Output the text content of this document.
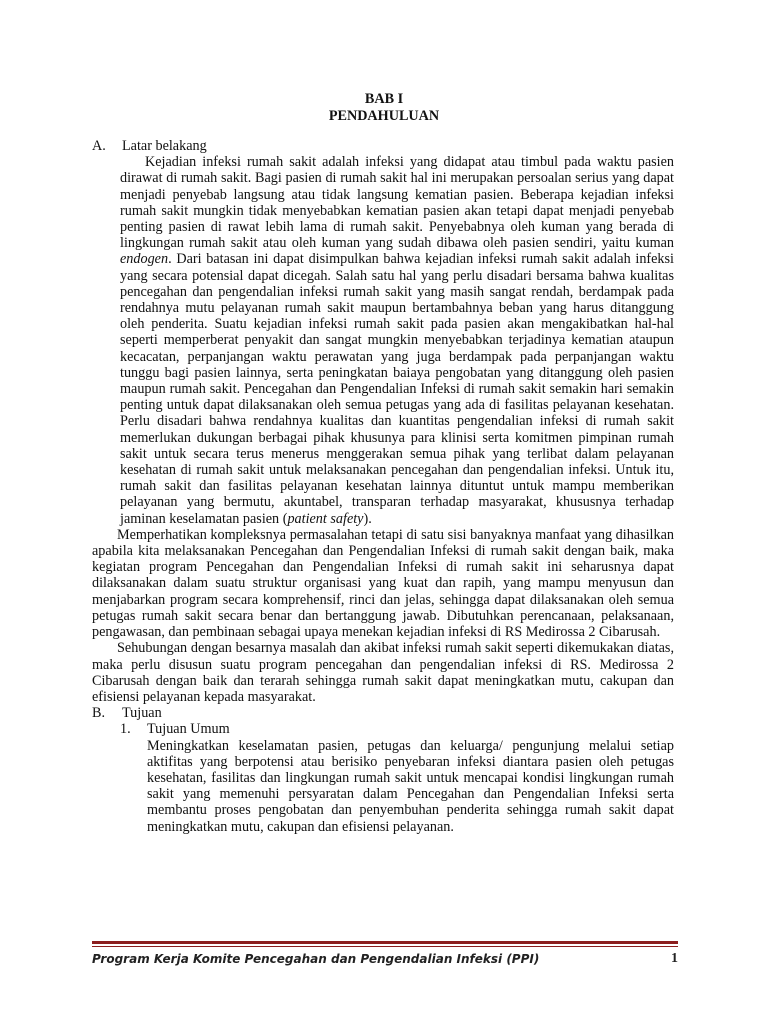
BAB I
PENDAHULUAN
A.	Latar belakang

Kejadian infeksi rumah sakit adalah infeksi yang didapat atau timbul pada waktu pasien dirawat di rumah sakit. Bagi pasien di rumah sakit hal ini merupakan persoalan serius yang dapat menjadi penyebab langsung atau tidak langsung kematian pasien. Beberapa kejadian infeksi rumah sakit mungkin tidak menyebabkan kematian pasien akan tetapi dapat menjadi penyebab penting pasien di rawat lebih lama di rumah sakit. Penyebabnya oleh kuman yang berada di lingkungan rumah sakit atau oleh kuman yang sudah dibawa oleh pasien sendiri, yaitu kuman endogen. Dari batasan ini dapat disimpulkan bahwa kejadian infeksi rumah sakit adalah infeksi yang secara potensial dapat dicegah. Salah satu hal yang perlu disadari bersama bahwa kualitas pencegahan dan pengendalian infeksi rumah sakit yang masih sangat rendah, berdampak pada rendahnya mutu pelayanan rumah sakit maupun bertambahnya beban yang harus ditanggung oleh penderita. Suatu kejadian infeksi rumah sakit pada pasien akan mengakibatkan hal-hal seperti memperberat penyakit dan sangat mungkin menyebabkan terjadinya kematian ataupun kecacatan, perpanjangan waktu perawatan yang juga berdampak pada perpanjangan waktu tunggu bagi pasien lainnya, serta peningkatan baiaya pengobatan yang ditanggung oleh pasien maupun rumah sakit. Pencegahan dan Pengendalian Infeksi di rumah sakit semakin hari semakin penting untuk dapat dilaksanakan oleh semua petugas yang ada di fasilitas pelayanan kesehatan. Perlu disadari bahwa rendahnya kualitas dan kuantitas pengendalian infeksi di rumah sakit memerlukan dukungan berbagai pihak khusunya para klinisi serta komitmen pimpinan rumah sakit untuk secara terus menerus menggerakan semua pihak yang terlibat dalam pelayanan kesehatan di rumah sakit untuk melaksanakan pencegahan dan pengendalian infeksi. Untuk itu, rumah sakit dan fasilitas pelayanan kesehatan lainnya dituntut untuk mampu memberikan pelayanan yang bermutu, akuntabel, transparan terhadap masyarakat, khususnya terhadap jaminan keselamatan pasien (patient safety).

Memperhatikan kompleksnya permasalahan tetapi di satu sisi banyaknya manfaat yang dihasilkan apabila kita melaksanakan Pencegahan dan Pengendalian Infeksi di rumah sakit dengan baik, maka kegiatan program Pencegahan dan Pengendalian Infeksi di rumah sakit ini seharusnya dapat dilaksanakan dalam suatu struktur organisasi yang kuat dan rapih, yang mampu menyusun dan menjabarkan program secara komprehensif, rinci dan jelas, sehingga dapat dilaksanakan oleh semua petugas rumah sakit secara benar dan bertanggung jawab. Dibutuhkan perencanaan, pelaksanaan, pengawasan, dan pembinaan sebagai upaya menekan kejadian infeksi di RS Medirossa 2 Cibarusah.

Sehubungan dengan besarnya masalah dan akibat infeksi rumah sakit seperti dikemukakan diatas, maka perlu disusun suatu program pencegahan dan pengendalian infeksi di RS. Medirossa 2 Cibarusah dengan baik dan terarah sehingga rumah sakit dapat meningkatkan mutu, cakupan dan efisiensi pelayanan kepada masyarakat.

B.	Tujuan
1.	Tujuan Umum

Meningkatkan keselamatan pasien, petugas dan keluarga/ pengunjung melalui setiap aktifitas yang berpotensi atau berisiko penyebaran infeksi diantara pasien oleh petugas kesehatan, fasilitas dan lingkungan rumah sakit untuk mencapai kondisi lingkungan rumah sakit yang memenuhi persyaratan dalam Pencegahan dan Pengendalian Infeksi serta membantu proses pengobatan dan penyembuhan penderita sehingga rumah sakit dapat meningkatkan mutu, cakupan dan efisiensi pelayanan.

Program Kerja Komite Pencegahan dan Pengendalian Infeksi (PPI)	1
